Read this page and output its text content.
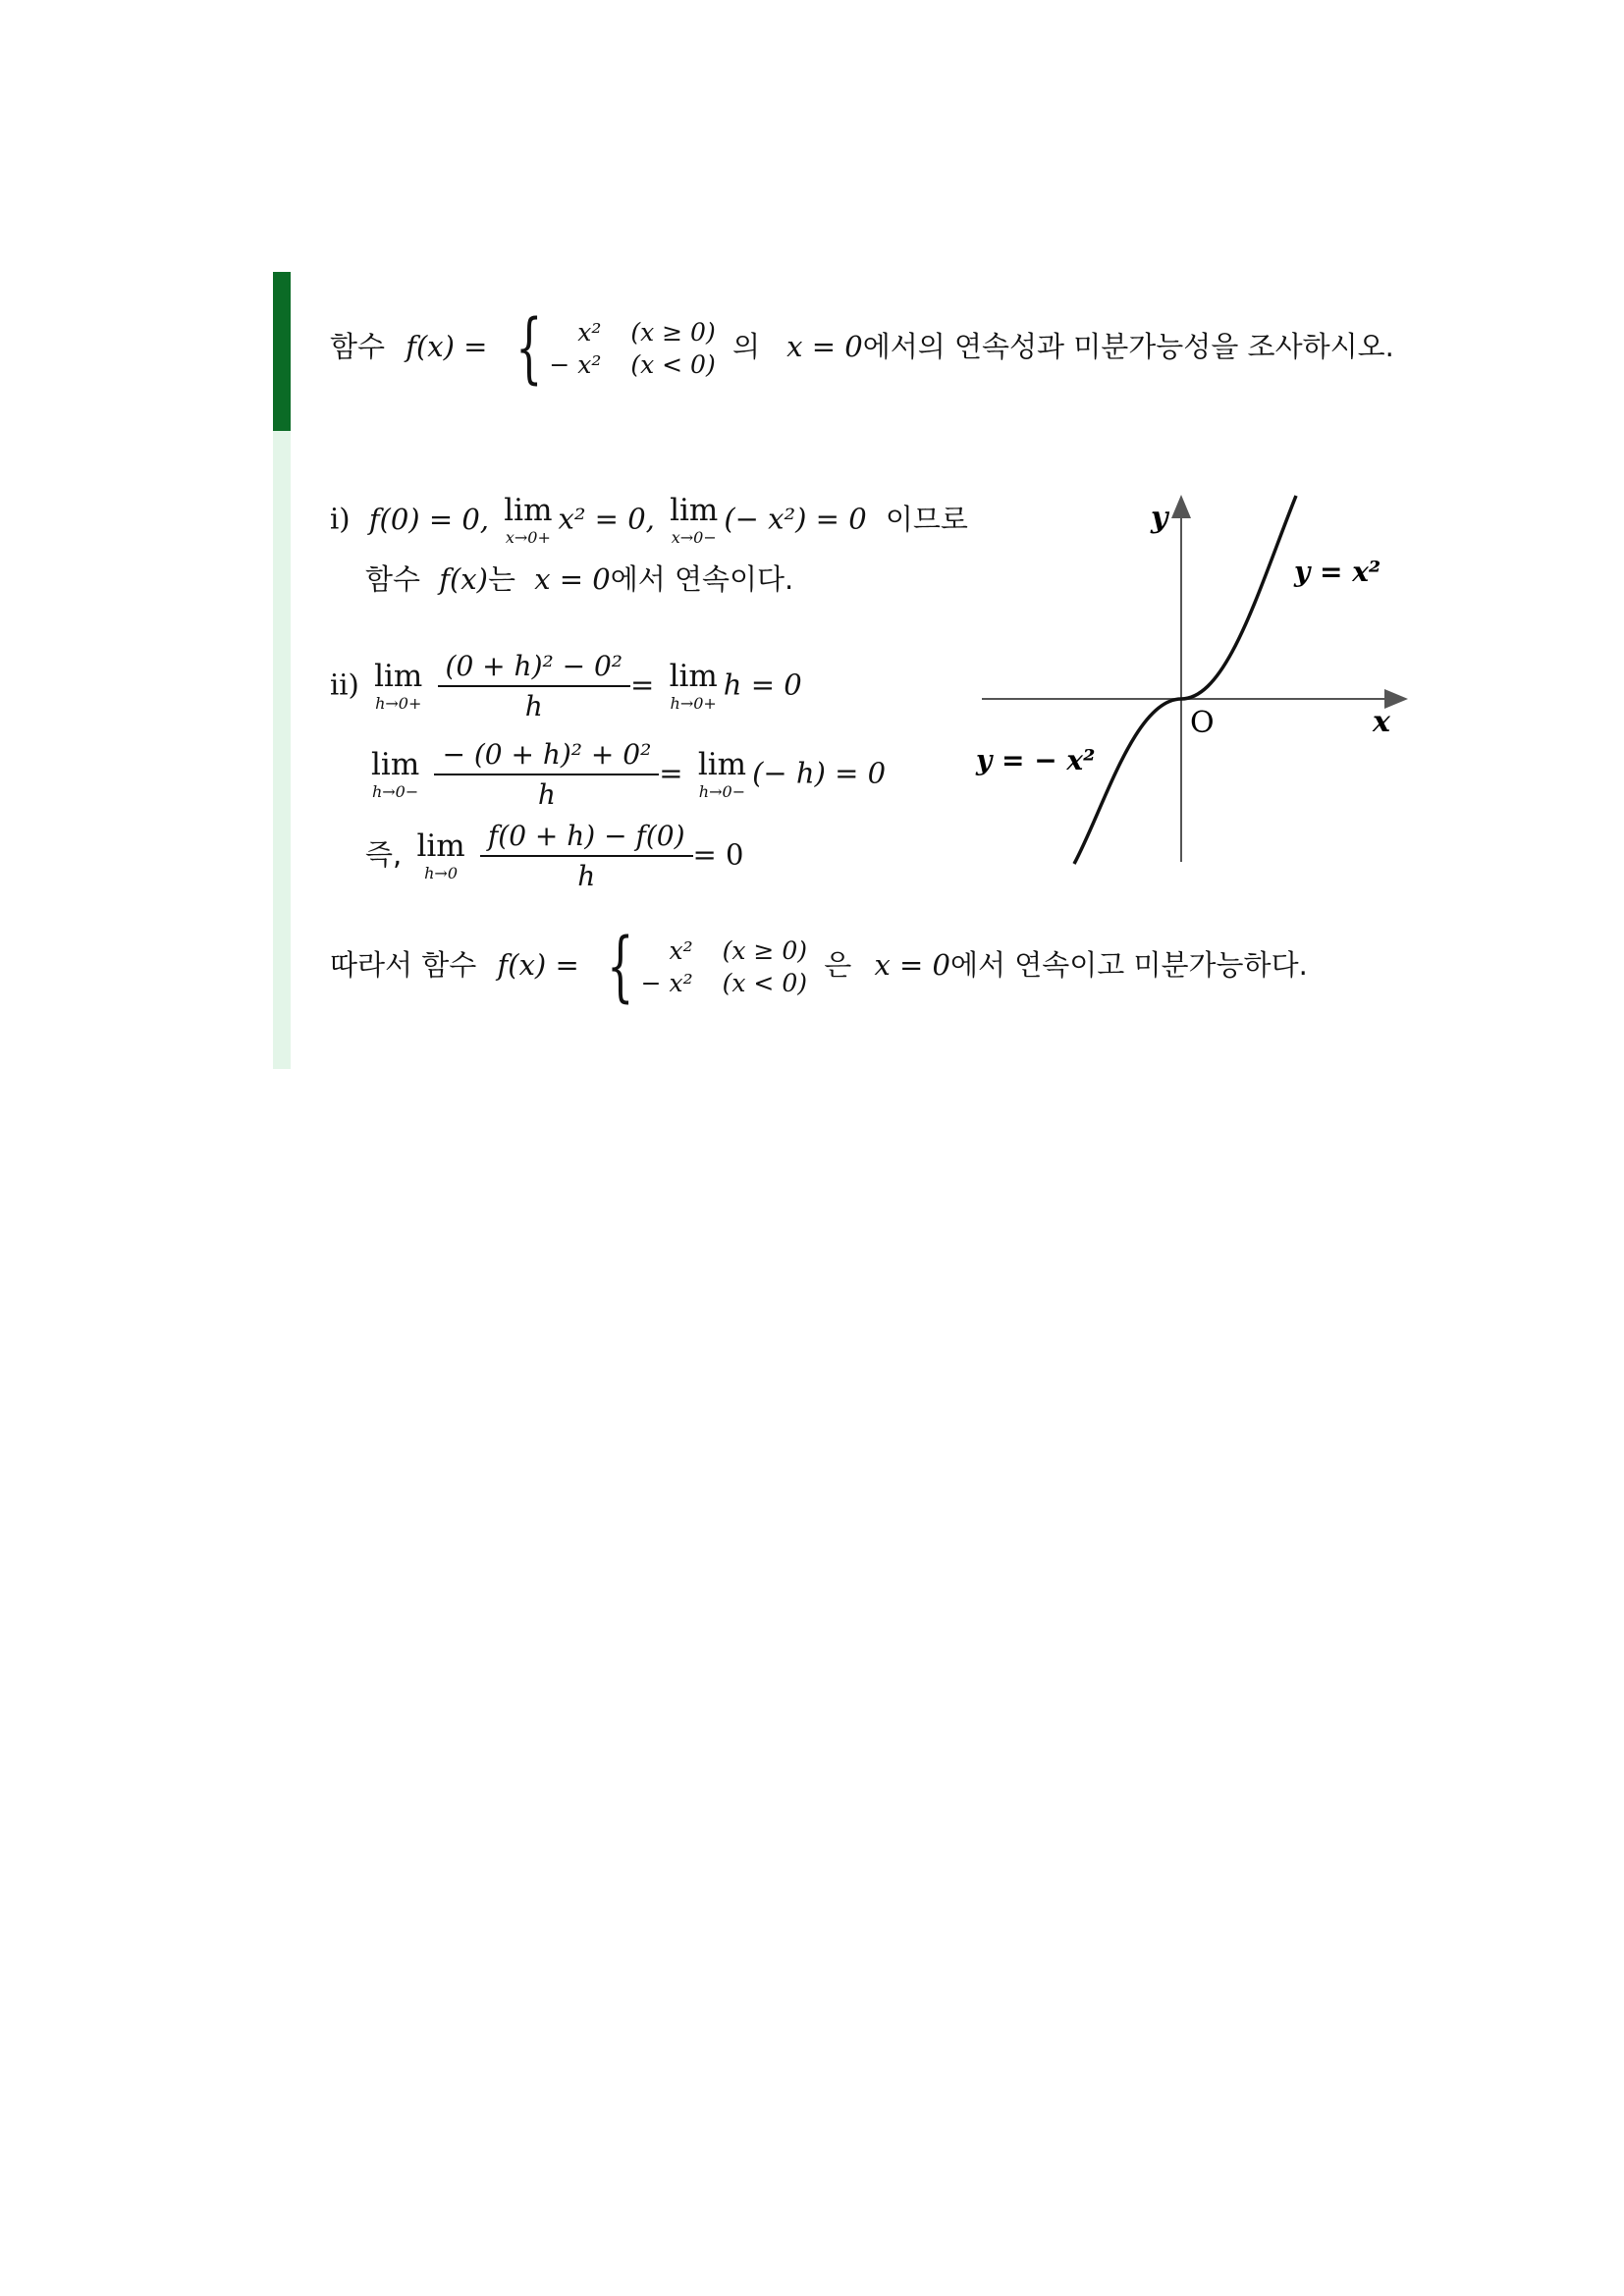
함수 f(x) = {	x² (x ≥ 0)
− x² (x < 0)
의 x = 0에서의 연속성과 미분가능성을 조사하시오.
i) f(0) = 0, lim
x→0+
x² = 0, lim
x→0−
(− x²) = 0 이므로
함수 f(x)는 x = 0에서 연속이다.
ii) lim
h→0+
$\frac{\text{(0 + h)² − 0²}}{h} = \lim$
h→0+
h = 0
lim
h→0−
$\frac{\text{− (0 + h)² + 0²}}{h} = \lim$
h→0−
(− h) = 0
즉, lim
h→0
$\frac{f(0 + h) - f(0)}{h} = 0$
따라서 함수 f(x) = {	x² (x ≥ 0)
− x² (x < 0)
은 x = 0에서 연속이고 미분가능하다.
y
x
O
y = x²
y = − x²
